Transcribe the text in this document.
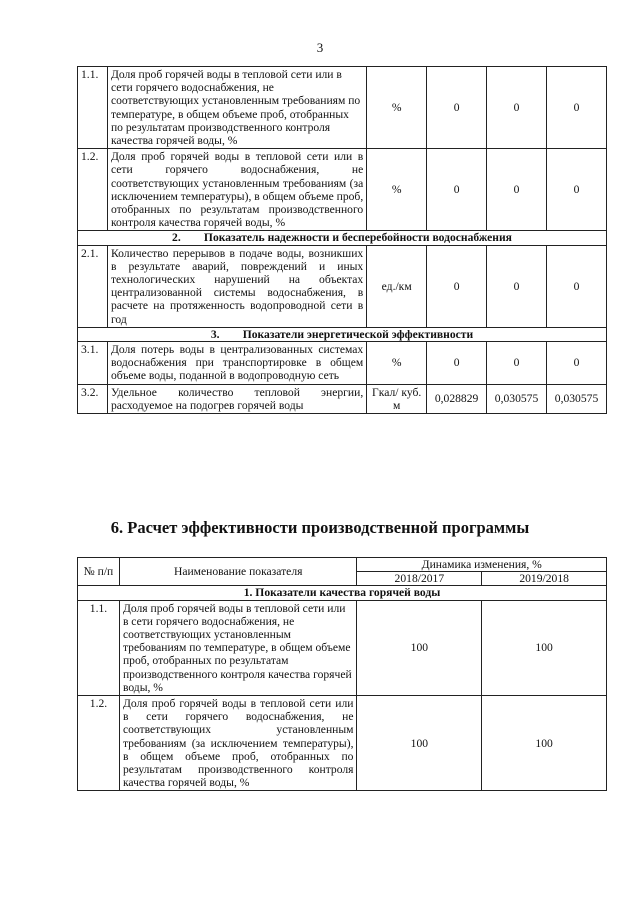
3
1.1.	Доля проб горячей воды в тепловой сети или в сети горячего водоснабжения, не соответствующих установленным требованиям по температуре, в общем объеме проб, отобранных по результатам производственного контроля качества горячей воды, %	%	0	0	0
1.2.	Доля проб горячей воды в тепловой сети или в сети горячего водоснабжения, не соответствующих установленным требованиям (за исключением температуры), в общем объеме проб, отобранных по результатам производственного контроля качества горячей воды, %	%	0	0	0
2.        Показатель надежности и бесперебойности водоснабжения					
2.1.	Количество перерывов в подаче воды, возникших в результате аварий, повреждений и иных технологических нарушений на объектах централизованной системы водоснабжения, в расчете на протяженность водопроводной сети в год	ед./км	0	0	0
3.        Показатели энергетической эффективности					
3.1.	Доля потерь воды в централизованных системах водоснабжения при транспортировке в общем объеме воды, поданной в водопроводную сеть	%	0	0	0
3.2.	Удельное количество тепловой энергии, расходуемое на подогрев горячей воды	Гкал/ куб. м	0,028829	0,030575	0,030575
6. Расчет эффективности производственной программы
№ п/п	Наименование показателя	Динамика изменения, %	
		2018/2017	2019/2018
1. Показатели качества горячей воды			
1.1.	Доля проб горячей воды в тепловой сети или в сети горячего водоснабжения, не соответствующих установленным требованиям по температуре, в общем объеме проб, отобранных по результатам производственного контроля качества горячей воды, %	100	100
1.2.	Доля проб горячей воды в тепловой сети или в сети горячего водоснабжения, не соответствующих установленным требованиям (за исключением температуры), в общем объеме проб, отобранных по результатам производственного контроля качества горячей воды, %	100	100
